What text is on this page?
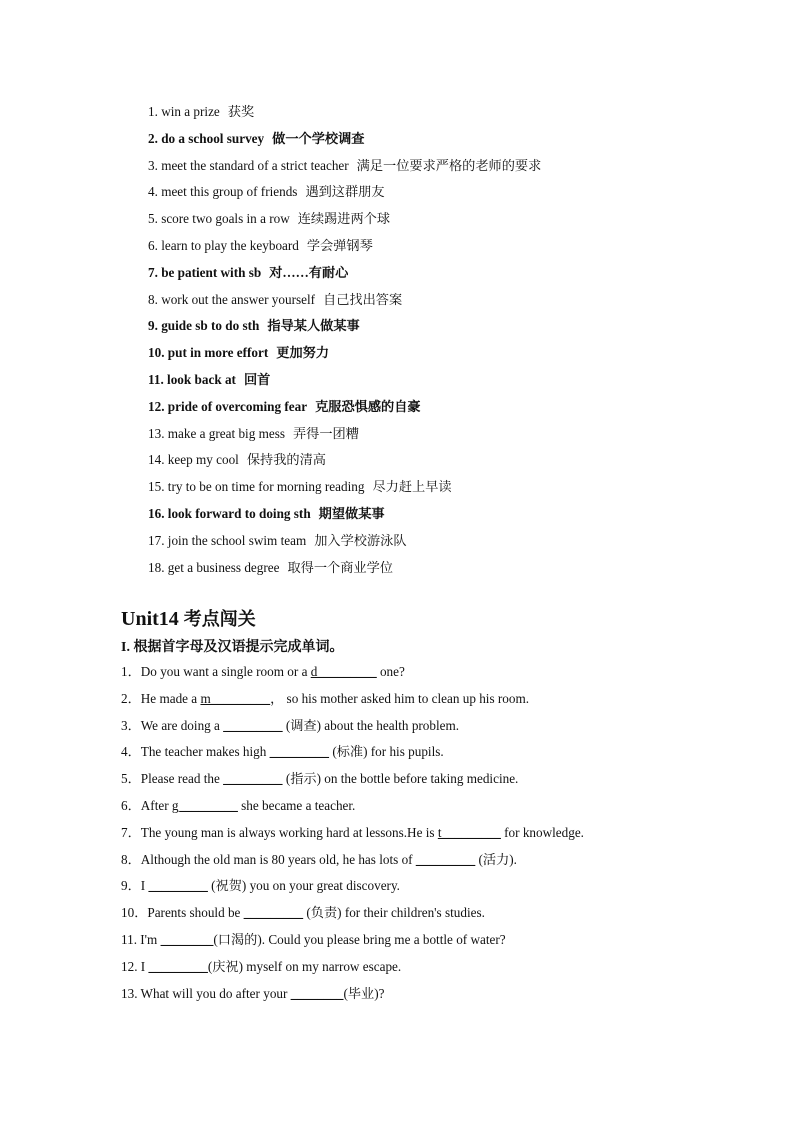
1. win a prize 获奖
2. do a school survey 做一个学校调查
3. meet the standard of a strict teacher 满足一位要求严格的老师的要求
4. meet this group of friends 遇到这群朋友
5. score two goals in a row 连续踢进两个球
6. learn to play the keyboard 学会弹钢琴
7. be patient with sb 对……有耐心
8. work out the answer yourself 自己找出答案
9. guide sb to do sth 指导某人做某事
10. put in more effort 更加努力
11. look back at 回首
12. pride of overcoming fear 克服恐惧感的自豪
13. make a great big mess 弄得一团糟
14. keep my cool 保持我的清高
15. try to be on time for morning reading 尽力赶上早读
16. look forward to doing sth 期望做某事
17. join the school swim team 加入学校游泳队
18. get a business degree 取得一个商业学位
Unit14 考点闯关
I. 根据首字母及汉语提示完成单词。
1．Do you want a single room or a d_________ one?
2．He made a m_________， so his mother asked him to clean up his room.
3．We are doing a _________ (调查) about the health problem.
4．The teacher makes high _________ (标准) for his pupils.
5．Please read the _________ (指示) on the bottle before taking medicine.
6．After g_________ she became a teacher.
7．The young man is always working hard at lessons.He is t_________ for knowledge.
8．Although the old man is 80 years old, he has lots of _________ (活力).
9．I _________ (祝贺) you on your great discovery.
10．Parents should be _________ (负责) for their children's studies.
11. I'm ________(口渴的). Could you please bring me a bottle of water?
12. I _________(庆祝) myself on my narrow escape.
13. What will you do after your ________(毕业)?
